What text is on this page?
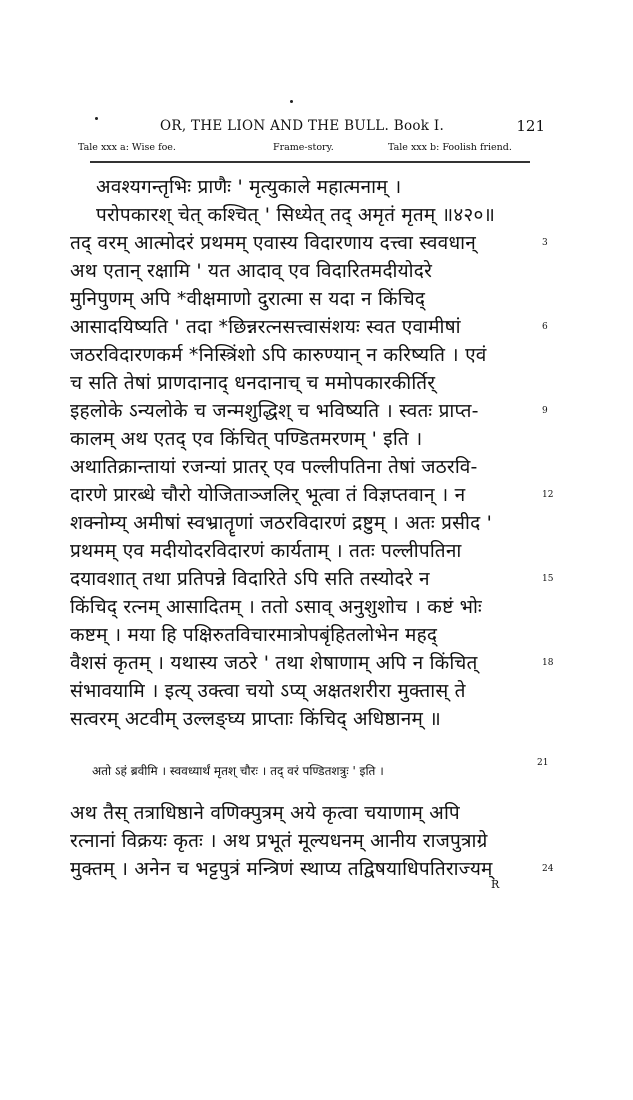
OR, THE LION AND THE BULL. Book I.	121
Tale xxx a: Wise foe.	Frame-story.	Tale xxx b: Foolish friend.
अवश्यगन्तृभिः प्राणैः ' मृत्युकाले महात्मनाम् ।
परोपकारश् चेत् कश्चित् ' सिध्येत् तद् अमृतं मृतम् ॥४२०॥
तद् वरम् आत्मोदरं प्रथमम् एवास्य विदारणाय दत्त्वा स्ववधान्	3
अथ एतान् रक्षामि ' यत आदाव् एव विदारितमदीयोदरे
मुनिपुणम् अपि *वीक्षमाणो दुरात्मा स यदा न किंचिद्
आसादयिष्यति ' तदा *छिन्नरत्नसत्त्वासंशयः स्वत एवामीषां	6
जठरविदारणकर्म *निस्त्रिंशो ऽपि कारुण्यान् न करिष्यति । एवं
च सति तेषां प्राणदानाद् धनदानाच् च ममोपकारकीर्तिर्
इहलोके ऽन्यलोके च जन्मशुद्धिश् च भविष्यति । स्वतः प्राप्त-	9
कालम् अथ एतद् एव किंचित् पण्डितमरणम् ' इति ।
अथातिक्रान्तायां रजन्यां प्रातर् एव पल्लीपतिना तेषां जठरवि-
दारणे प्रारब्धे चौरो योजिताञ्जलिर् भूत्वा तं विज्ञप्तवान् । न	12
शक्नोम्य् अमीषां स्वभ्रातॄणां जठरविदारणं द्रष्टुम् । अतः प्रसीद '
प्रथमम् एव मदीयोदरविदारणं कार्यताम् । ततः पल्लीपतिना
दयावशात् तथा प्रतिपन्ने विदारिते ऽपि सति तस्योदरे न	15
किंचिद् रत्नम् आसादितम् । ततो ऽसाव् अनुशुशोच । कष्टं भोः
कष्टम् । मया हि पक्षिरुतविचारमात्रोपबृंहितलोभेन महद्
वैशसं कृतम् । यथास्य जठरे ' तथा शेषाणाम् अपि न किंचित्	18
संभावयामि । इत्य् उक्त्वा चयो ऽप्य् अक्षतशरीरा मुक्तास् ते
सत्वरम् अटवीम् उल्लङ्घ्य प्राप्ताः किंचिद् अधिष्ठानम् ॥
अतो ऽहं ब्रवीमि । स्ववध्यार्थं मृतश् चौरः । तद् वरं पण्डितशत्रुः ' इति ।
21
अथ तैस् तत्राधिष्ठाने वणिक्पुत्रम् अये कृत्वा चयाणाम् अपि
रत्नानां विक्रयः कृतः । अथ प्रभूतं मूल्यधनम् आनीय राजपुत्राग्रे
मुक्तम् । अनेन च भट्टपुत्रं मन्त्रिणं स्थाप्य तद्विषयाधिपतिराज्यम्	24
R
